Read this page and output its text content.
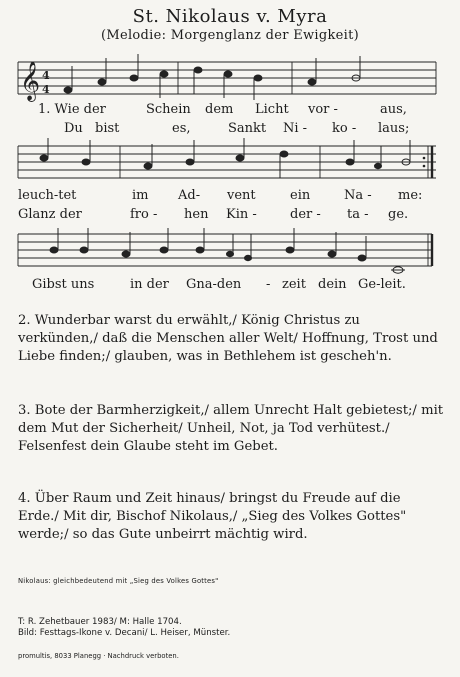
St. Nikolaus v. Myra
(Melodie: Morgenglanz der Ewigkeit)
𝄞 4
4
1. Wie der	Schein dem Licht vor -	aus,
Du bist	es,	Sankt Ni - ko - laus;
leuch-tet	im Ad- vent	ein	Na - me:
Glanz der	fro - hen Kin -	der - ta - ge.
Gibst uns	in der Gna-den - zeit dein Ge-leit.
2. Wunderbar warst du erwählt,/ König Christus zu verkünden,/ daß die Menschen aller Welt/ Hoffnung, Trost und Liebe finden;/ glauben, was in Bethlehem ist gescheh'n.
3. Bote der Barmherzigkeit,/ allem Unrecht Halt gebietest;/ mit dem Mut der Sicherheit/ Unheil, Not, ja Tod verhütest./ Felsenfest dein Glaube steht im Gebet.
4. Über Raum und Zeit hinaus/ bringst du Freude auf die Erde./ Mit dir, Bischof Nikolaus,/ „Sieg des Volkes Gottes" werde;/ so das Gute unbeirrt mächtig wird.
Nikolaus: gleichbedeutend mit „Sieg des Volkes Gottes"
T: R. Zehetbauer 1983/ M: Halle 1704.
Bild: Festtags-Ikone v. Decani/ L. Heiser, Münster.
promultis, 8033 Planegg · Nachdruck verboten.
